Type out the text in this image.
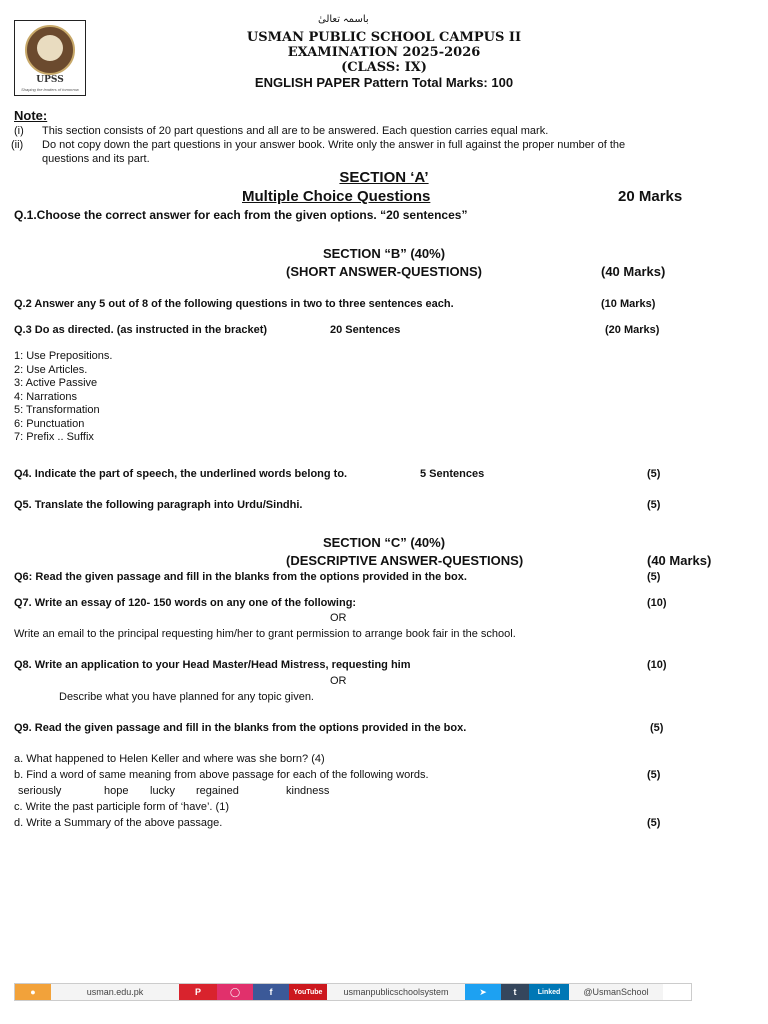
UPSS
Shaping the leaders of tomorrow
باسمہ تعالیٰ
USMAN PUBLIC SCHOOL CAMPUS II
EXAMINATION 2025-2026
(CLASS: IX)
ENGLISH PAPER Pattern Total Marks: 100
Note:
(i) This section consists of 20 part questions and all are to be answered. Each question carries equal mark.
(ii) Do not copy down the part questions in your answer book. Write only the answer in full against the proper number of the
questions and its part.
SECTION ‘A’
Multiple Choice Questions	20 Marks
Q.1.Choose the correct answer for each from the given options. “20 sentences”
SECTION “B” (40%)
(SHORT ANSWER-QUESTIONS)	(40 Marks)
Q.2 Answer any 5 out of 8 of the following questions in two to three sentences each.	(10 Marks)
Q.3 Do as directed. (as instructed in the bracket)	20 Sentences	(20 Marks)
1: Use Prepositions.
2: Use Articles.
3: Active Passive
4: Narrations
5: Transformation
6: Punctuation
7: Prefix .. Suffix
Q4. Indicate the part of speech, the underlined words belong to.	5 Sentences	(5)
Q5. Translate the following paragraph into Urdu/Sindhi.	(5)
SECTION “C” (40%)
(DESCRIPTIVE ANSWER-QUESTIONS)	(40 Marks)
Q6: Read the given passage and fill in the blanks from the options provided in the box.	(5)
Q7. Write an essay of 120- 150 words on any one of the following:	(10)
OR
Write an email to the principal requesting him/her to grant permission to arrange book fair in the school.
Q8. Write an application to your Head Master/Head Mistress, requesting him	(10)
OR
Describe what you have planned for any topic given.
Q9. Read the given passage and fill in the blanks from the options provided in the box.	(5)
a. What happened to Helen Keller and where was she born? (4)
b. Find a word of same meaning from above passage for each of the following words.	(5)
seriously	hope lucky regained	kindness
c. Write the past participle form of ‘have’. (1)
d. Write a Summary of the above passage.	(5)
●	usman.edu.pk	P	◯	f	YouTube	usmanpublicschoolsystem	➤	t	Linked	@UsmanSchool
